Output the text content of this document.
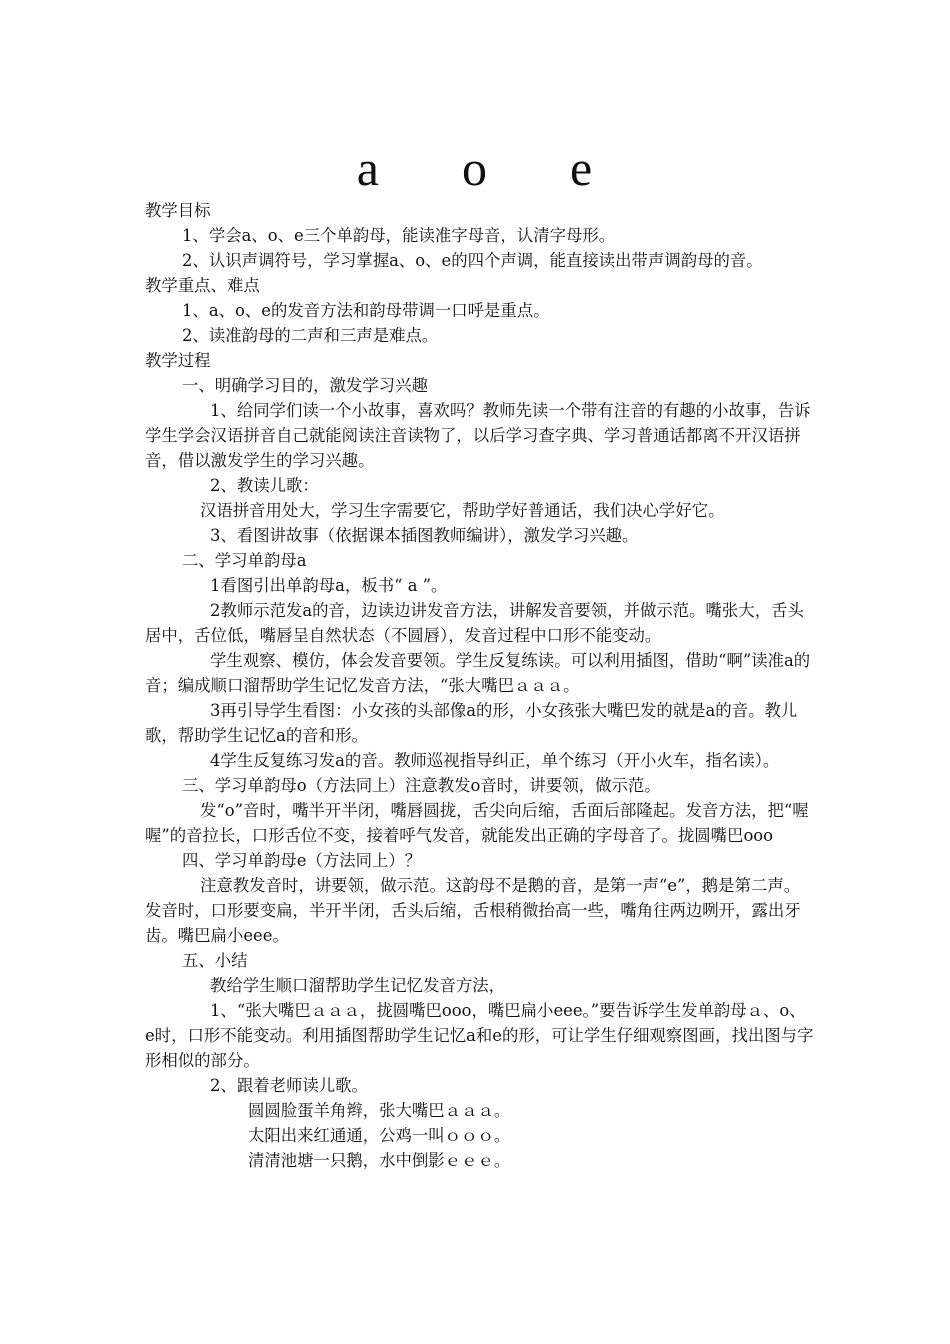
a o e

教学目标

1、学会a、o、e三个单韵母，能读准字母音，认清字母形。

2、认识声调符号，学习掌握a、o、e的四个声调，能直接读出带声调韵母的音。

教学重点、难点

1、a、o、e的发音方法和韵母带调一口呼是重点。

2、读准韵母的二声和三声是难点。

教学过程

一、明确学习目的，激发学习兴趣

1、给同学们读一个小故事，喜欢吗？教师先读一个带有注音的有趣的小故事，告诉学生学会汉语拼音自己就能阅读注音读物了，以后学习查字典、学习普通话都离不开汉语拼音，借以激发学生的学习兴趣。

2、教读儿歌：

汉语拼音用处大，学习生字需要它，帮助学好普通话，我们决心学好它。

3、看图讲故事（依据课本插图教师编讲），激发学习兴趣。

二、学习单韵母a

1看图引出单韵母a，板书“ a ”。

2教师示范发a的音，边读边讲发音方法，讲解发音要领，并做示范。嘴张大，舌头居中，舌位低，嘴唇呈自然状态（不圆唇），发音过程中口形不能变动。

学生观察、模仿，体会发音要领。学生反复练读。可以利用插图，借助“啊”读准a的音；编成顺口溜帮助学生记忆发音方法，“张大嘴巴ａａａ。

3再引导学生看图：小女孩的头部像a的形，小女孩张大嘴巴发的就是a的音。教儿歌，帮助学生记忆a的音和形。

4学生反复练习发a的音。教师巡视指导纠正，单个练习（开小火车，指名读）。

三、学习单韵母o（方法同上）注意教发o音时，讲要领，做示范。

发“o”音时，嘴半开半闭，嘴唇圆拢，舌尖向后缩，舌面后部隆起。发音方法，把“喔喔”的音拉长，口形舌位不变，接着呼气发音，就能发出正确的字母音了。拢圆嘴巴ooo

四、学习单韵母e（方法同上）？

注意教发音时，讲要领，做示范。这韵母不是鹅的音，是第一声“e”，鹅是第二声。发音时，口形要变扁，半开半闭，舌头后缩，舌根稍微抬高一些，嘴角往两边咧开，露出牙齿。嘴巴扁小eee。

五、小结

教给学生顺口溜帮助学生记忆发音方法，

1、“张大嘴巴ａａａ，拢圆嘴巴ooo，嘴巴扁小eee。”要告诉学生发单韵母ａ、o、e时，口形不能变动。利用插图帮助学生记忆a和e的形，可让学生仔细观察图画，找出图与字形相似的部分。

2、跟着老师读儿歌。

圆圆脸蛋羊角辫，张大嘴巴ａａａ。

太阳出来红通通，公鸡一叫ｏｏｏ。

清清池塘一只鹅，水中倒影ｅｅｅ。
